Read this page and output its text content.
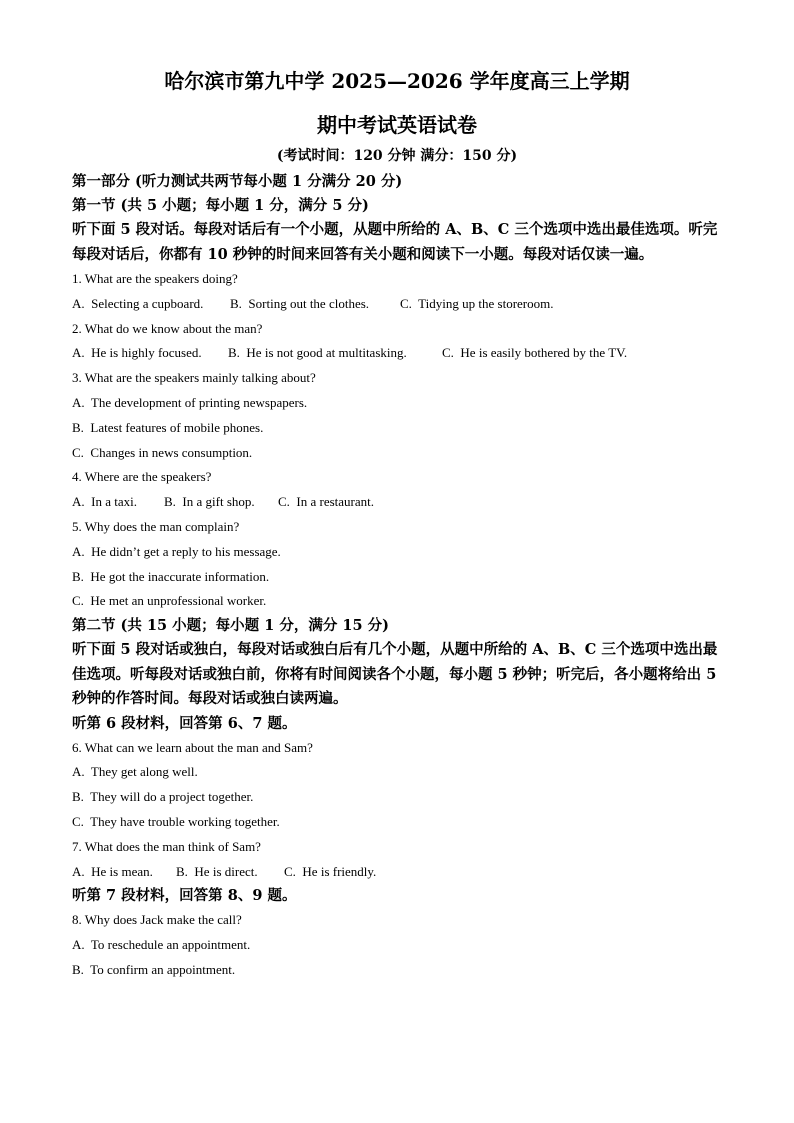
哈尔滨市第九中学 2025—2026 学年度高三上学期
期中考试英语试卷
(考试时间：120 分钟 满分：150 分)
第一部分 (听力测试共两节每小题 1 分满分 20 分)
第一节 (共 5 小题；每小题 1 分，满分 5 分)

听下面 5 段对话。每段对话后有一个小题，从题中所给的 A、B、C 三个选项中选出最佳选项。听完每段对话后，你都有 10 秒钟的时间来回答有关小题和阅读下一小题。每段对话仅读一遍。

1. What are the speakers doing?
A.  Selecting a cupboard.	B.  Sorting out the clothes.	C.  Tidying up the storeroom.
2. What do we know about the man?
A.  He is highly focused.	B.  He is not good at multitasking.	C.  He is easily bothered by the TV.
3. What are the speakers mainly talking about?
A.  The development of printing newspapers.
B.  Latest features of mobile phones.
C.  Changes in news consumption.
4. Where are the speakers?
A.  In a taxi.	B.  In a gift shop.	C.  In a restaurant.
5. Why does the man complain?
A.  He didn’t get a reply to his message.
B.  He got the inaccurate information.
C.  He met an unprofessional worker.
第二节 (共 15 小题；每小题 1 分，满分 15 分)

听下面 5 段对话或独白，每段对话或独白后有几个小题，从题中所给的 A、B、C 三个选项中选出最佳选项。听每段对话或独白前，你将有时间阅读各个小题，每小题 5 秒钟；听完后，各小题将给出 5 秒钟的作答时间。每段对话或独白读两遍。

听第 6 段材料，回答第 6、7 题。
6. What can we learn about the man and Sam?
A.  They get along well.
B.  They will do a project together.
C.  They have trouble working together.
7. What does the man think of Sam?
A.  He is mean.	B.  He is direct.	C.  He is friendly.
听第 7 段材料，回答第 8、9 题。
8. Why does Jack make the call?
A.  To reschedule an appointment.
B.  To confirm an appointment.
